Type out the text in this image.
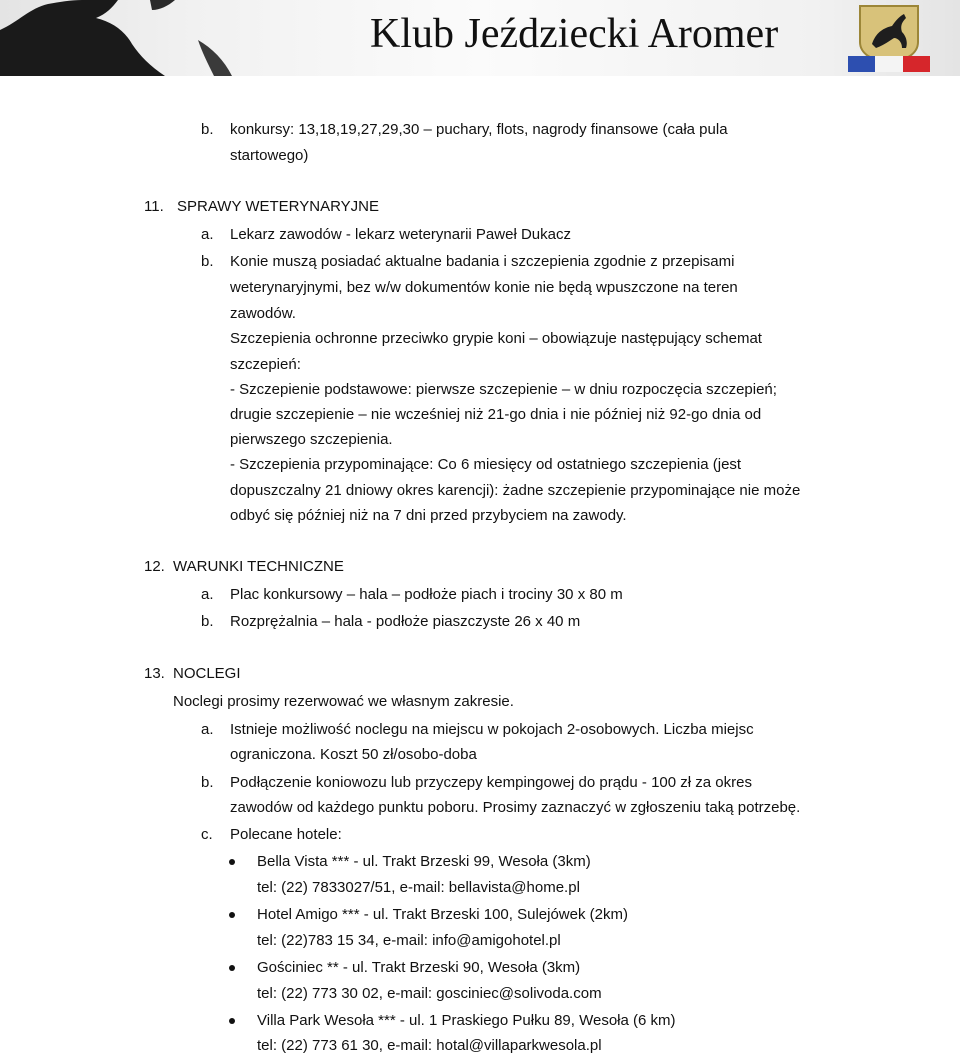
Klub Jeździecki Aromer
b. konkursy: 13,18,19,27,29,30 – puchary, flots, nagrody finansowe (cała pula
startowego)
11. SPRAWY WETERYNARYJNE
a. Lekarz zawodów - lekarz weterynarii Paweł Dukacz
b. Konie muszą posiadać aktualne badania i szczepienia zgodnie z przepisami
weterynaryjnymi, bez w/w dokumentów konie nie będą wpuszczone na teren
zawodów.
Szczepienia ochronne przeciwko grypie koni – obowiązuje następujący schemat
szczepień:
- Szczepienie podstawowe: pierwsze szczepienie – w dniu rozpoczęcia szczepień;
drugie szczepienie – nie wcześniej niż 21-go dnia i nie później niż 92-go dnia od
pierwszego szczepienia.
- Szczepienia przypominające: Co 6 miesięcy od ostatniego szczepienia (jest
dopuszczalny 21 dniowy okres karencji): żadne szczepienie przypominające nie może
odbyć się później niż na 7 dni przed przybyciem na zawody.
12. WARUNKI TECHNICZNE
a. Plac konkursowy – hala – podłoże piach i trociny 30 x 80 m
b. Rozprężalnia – hala - podłoże piaszczyste 26 x 40 m
13. NOCLEGI
Noclegi prosimy rezerwować we własnym zakresie.
a. Istnieje możliwość noclegu na miejscu w pokojach 2-osobowych. Liczba miejsc
ograniczona. Koszt 50 zł/osobo-doba
b. Podłączenie koniowozu lub przyczepy kempingowej do prądu - 100 zł za okres
zawodów od każdego punktu poboru. Prosimy zaznaczyć w zgłoszeniu taką potrzebę.
c. Polecane hotele:
Bella Vista *** - ul. Trakt Brzeski 99, Wesoła (3km)
tel: (22) 7833027/51, e-mail: bellavista@home.pl
Hotel Amigo *** - ul. Trakt Brzeski 100, Sulejówek (2km)
tel: (22)783 15 34, e-mail: info@amigohotel.pl
Gościniec ** - ul. Trakt Brzeski 90, Wesoła (3km)
tel: (22) 773 30 02, e-mail: gosciniec@solivoda.com
Villa Park Wesoła *** - ul. 1 Praskiego Pułku 89, Wesoła (6 km)
tel: (22) 773 61 30, e-mail: hotal@villaparkwesola.pl
